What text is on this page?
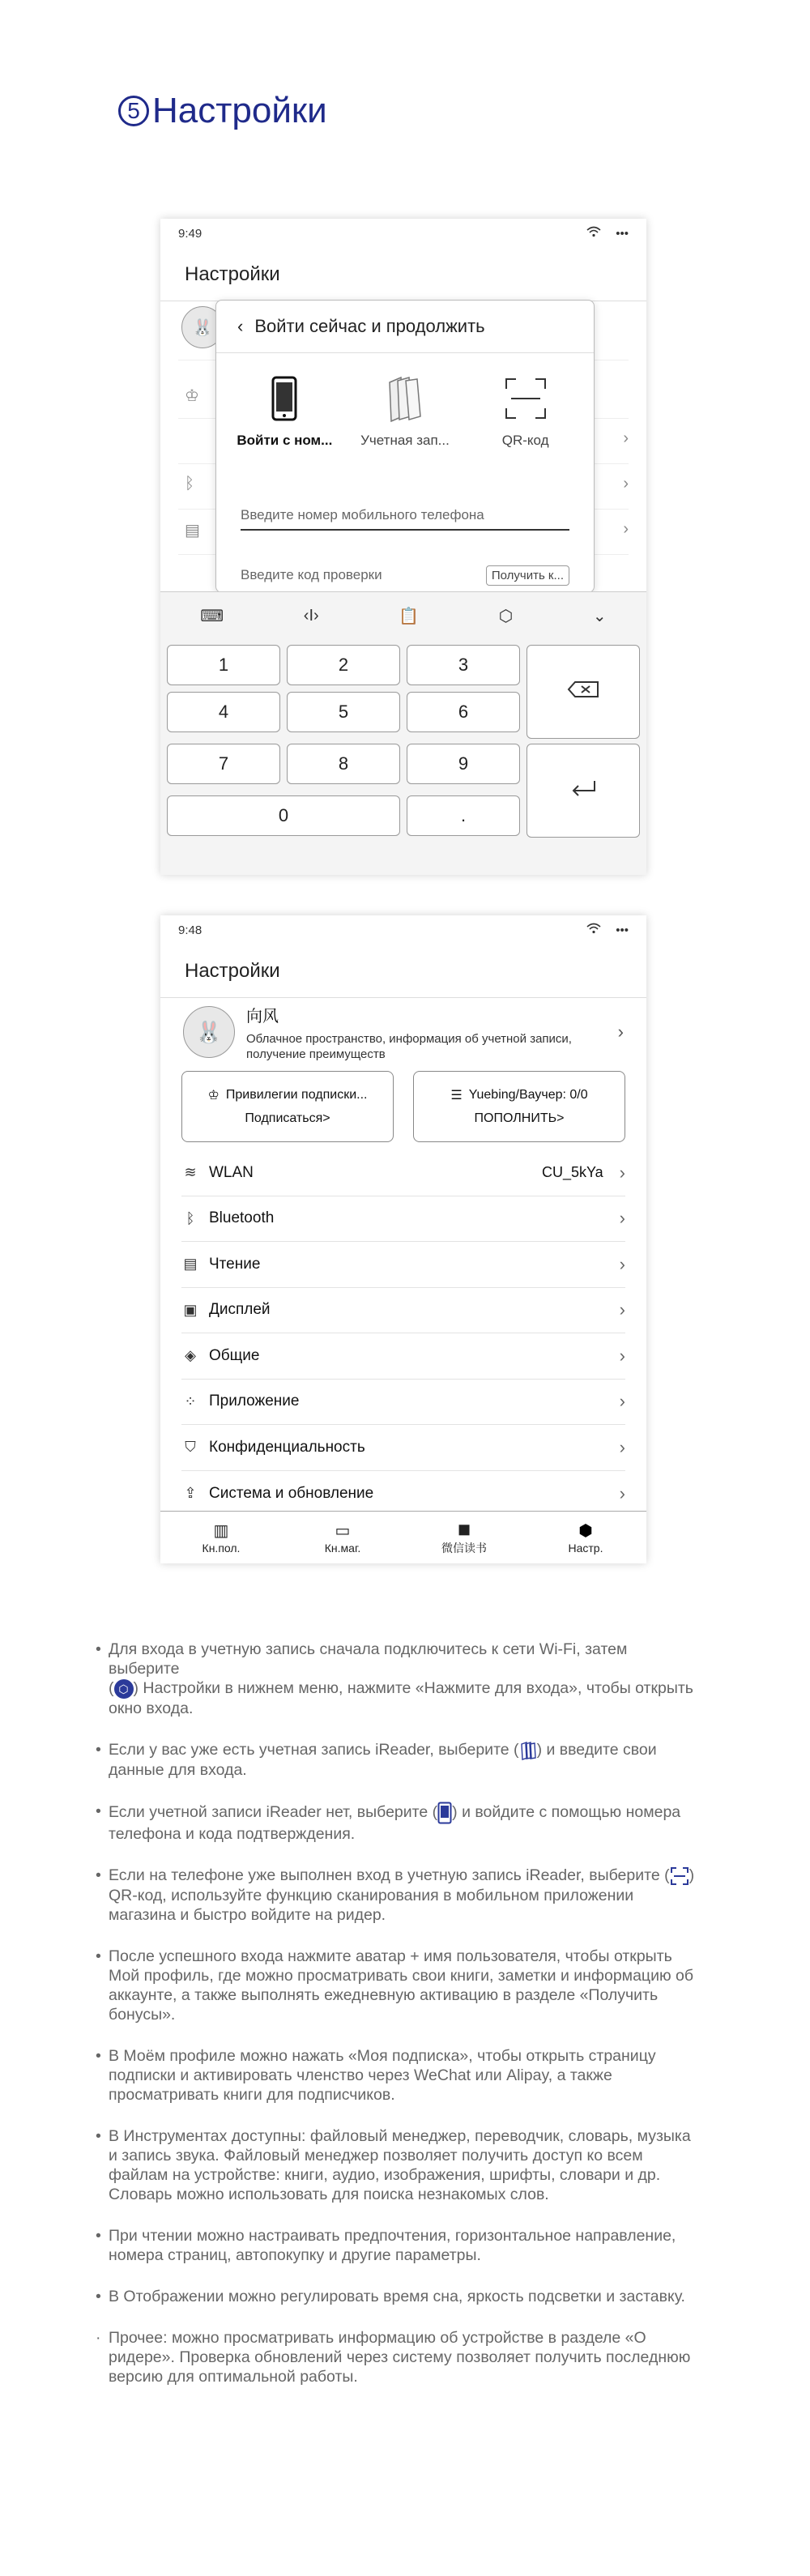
5 Настройки
9:49	•••
Настройки
🐰
♔
›
ᛒ	›
▤	›
‹ Войти сейчас и продолжить
Войти с ном... Учетная зап...	QR-код
Введите номер мобильного телефона
Введите код проверки	Получить к...
⌨	‹I›	📋	⬡	⌄
1	2	3
4	5	6
7	8	9
0	.
9:48	•••
Настройки
🐰
向风
Облачное пространство, информация об учетной записи, получение преимуществ
›
♔ Привилегии подписки...
Подписаться>
☰ Yuebing/Ваучер: 0/0
ПОПОЛНИТЬ>
≋ WLAN	CU_5kYa ›
ᛒ Bluetooth	›
▤ Чтение	›
▣ Дисплей	›
◈ Общие	›
⁘ Приложение	›
⛉ Конфиденциальность	›
⇪ Система и обновление	›
▥
Кн.пол.
▭
Кн.маг.
◼
微信读书
⬢
Настр.
• Для входа в учетную запись сначала подключитесь к сети Wi-Fi, затем выберите
( ⬡ ) Настройки в нижнем меню, нажмите «Нажмите для входа», чтобы открыть окно входа.
• Если у вас уже есть учетная запись iReader, выберите ( ) и введите свои данные для входа.
• Если учетной записи iReader нет, выберите ( ) и войдите с помощью номера телефона и кода подтверждения.
• Если на телефоне уже выполнен вход в учетную запись iReader, выберите ( ) QR-код, используйте функцию сканирования в мобильном приложении магазина и быстро войдите на ридер.
• После успешного входа нажмите аватар + имя пользователя, чтобы открыть Мой профиль, где можно просматривать свои книги, заметки и информацию об аккаунте, а также выполнять ежедневную активацию в разделе «Получить бонусы».
• В Моём профиле можно нажать «Моя подписка», чтобы открыть страницу подписки и активировать членство через WeChat или Alipay, а также просматривать книги для подписчиков.
• В Инструментах доступны: файловый менеджер, переводчик, словарь, музыка и запись звука. Файловый менеджер позволяет получить доступ ко всем файлам на устройстве: книги, аудио, изображения, шрифты, словари и др. Словарь можно использовать для поиска незнакомых слов.
• При чтении можно настраивать предпочтения, горизонтальное направление, номера страниц, автопокупку и другие параметры.
• В Отображении можно регулировать время сна, яркость подсветки и заставку.
· Прочее: можно просматривать информацию об устройстве в разделе «О ридере». Проверка обновлений через систему позволяет получить последнюю версию для оптимальной работы.
